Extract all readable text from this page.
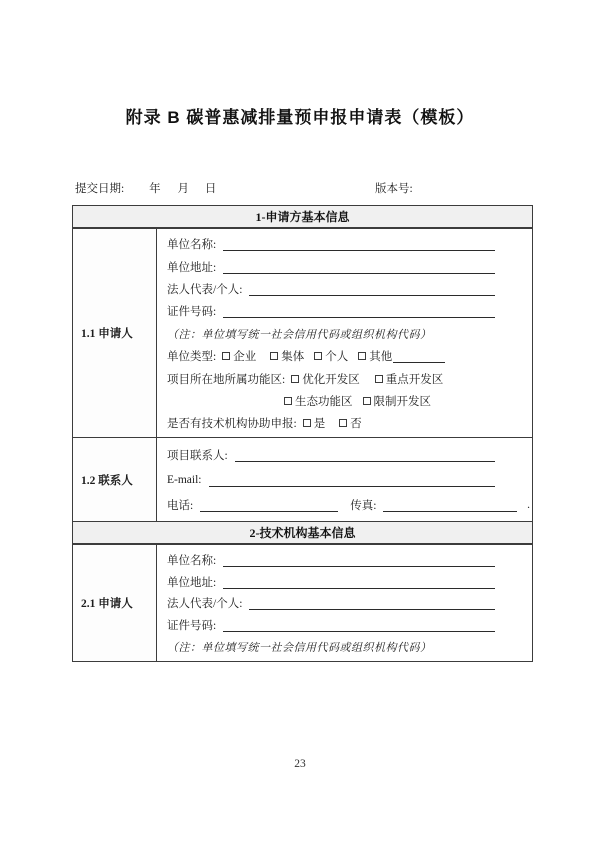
附录 B 碳普惠减排量预申报申请表（模板）
提交日期: 年 月 日	版本号:
1-申请方基本信息
1.1 申请人
单位名称:
单位地址:
法人代表/个人:
证件号码:
（注：单位填写统一社会信用代码或组织机构代码）
单位类型: 企业 集体 个人 其他
项目所在地所属功能区: 优化开发区 重点开发区
生态功能区 限制开发区
是否有技术机构协助申报: 是 否
1.2 联系人
项目联系人:
E-mail:
电话:	传真:	.
2-技术机构基本信息
2.1 申请人
单位名称:
单位地址:
法人代表/个人:
证件号码:
（注：单位填写统一社会信用代码或组织机构代码）
23
